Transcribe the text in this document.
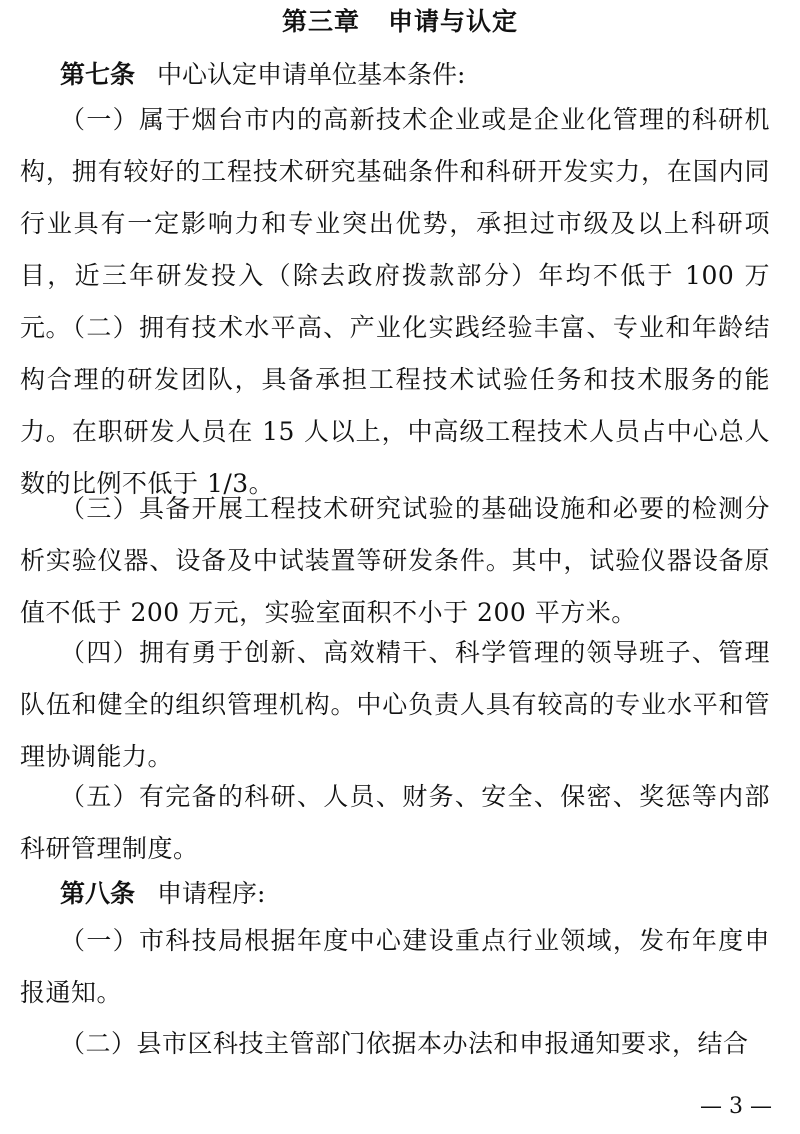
第三章 申请与认定
第七条 中心认定申请单位基本条件:

（一）属于烟台市内的高新技术企业或是企业化管理的科研机构，拥有较好的工程技术研究基础条件和科研开发实力，在国内同行业具有一定影响力和专业突出优势，承担过市级及以上科研项目，近三年研发投入（除去政府拨款部分）年均不低于 100 万元。

（二）拥有技术水平高、产业化实践经验丰富、专业和年龄结构合理的研发团队，具备承担工程技术试验任务和技术服务的能力。在职研发人员在 15 人以上，中高级工程技术人员占中心总人数的比例不低于 1/3。

（三）具备开展工程技术研究试验的基础设施和必要的检测分析实验仪器、设备及中试装置等研发条件。其中，试验仪器设备原值不低于 200 万元，实验室面积不小于 200 平方米。

（四）拥有勇于创新、高效精干、科学管理的领导班子、管理队伍和健全的组织管理机构。中心负责人具有较高的专业水平和管理协调能力。

（五）有完备的科研、人员、财务、安全、保密、奖惩等内部科研管理制度。

第八条 申请程序:

（一）市科技局根据年度中心建设重点行业领域，发布年度申报通知。

（二）县市区科技主管部门依据本办法和申报通知要求，结合

— 3 —
